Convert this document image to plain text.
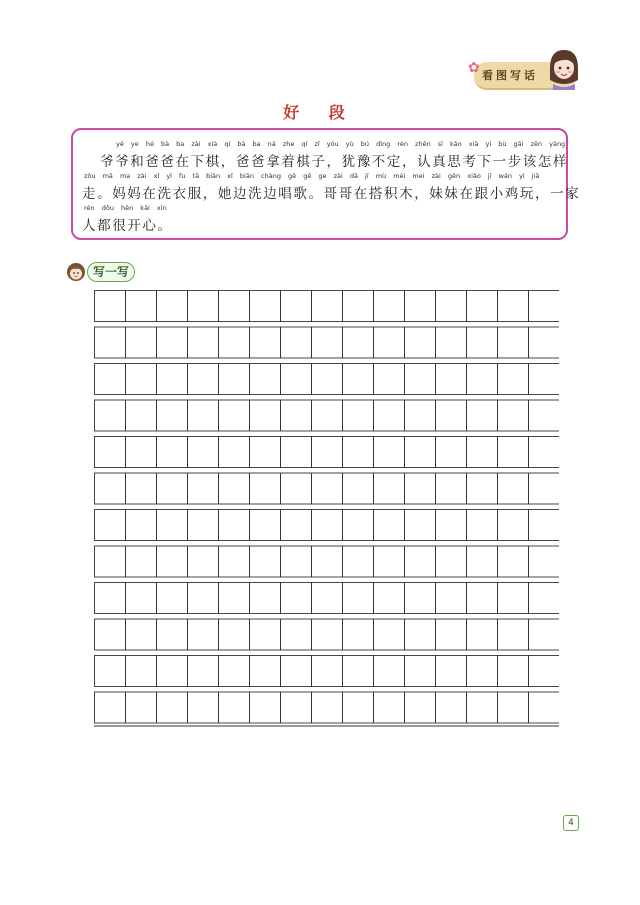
✿ 看图写话
好 段
yé ye hé bà ba zài xià qí bà ba ná zhe qí zǐ yóu yù bú dìng rèn zhēn sī kǎo xià yí bù gāi zěn yàng
爷爷和爸爸在下棋，爸爸拿着棋子，犹豫不定，认真思考下一步该怎样
zǒu mā ma zài xǐ yī fu tā biān xǐ biān chàng gē gē ge zài dā jī mù mèi mei zài gēn xiǎo jī wán yì jiā
走。妈妈在洗衣服，她边洗边唱歌。哥哥在搭积木，妹妹在跟小鸡玩，一家
rén dōu hěn kāi xīn
人都很开心。
写一写
4
